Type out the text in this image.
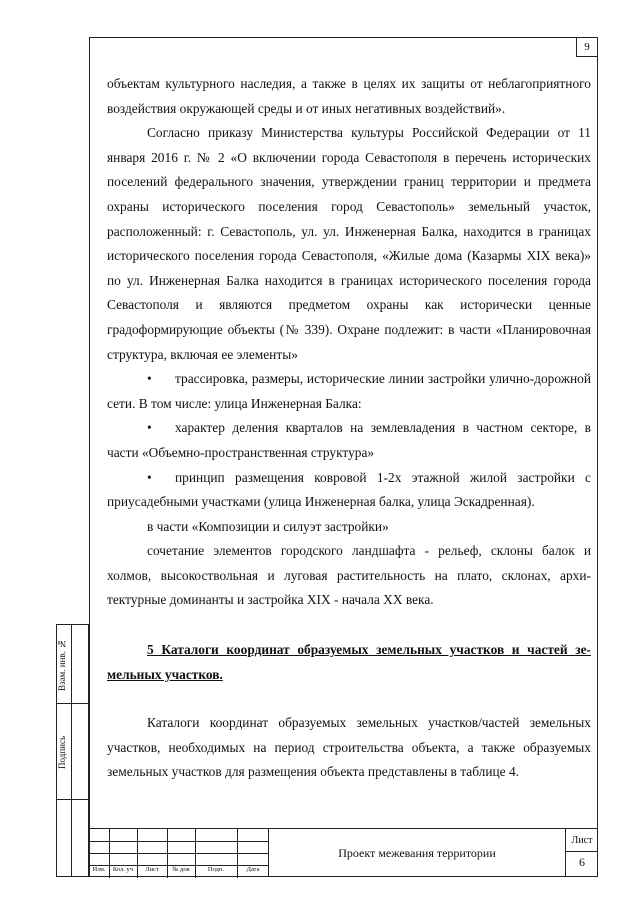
9

объектам культурного наследия, а также в целях их защиты от неблагоприятного воздействия окружающей среды и от иных негативных воздействий».

Согласно приказу Министерства культуры Российской Федерации от 11 января 2016 г. № 2 «О включении города Севастополя в перечень исторических поселений федерального значения, утверждении границ территории и предмета охраны исторического поселения город Севастополь» земельный участок, расположенный: г. Севастополь, ул. ул. Инженерная Балка, находится в границах исторического поселения города Севастополя, «Жилые дома (Казармы XIX века)» по ул. Инженерная Балка находится в границах исторического поселения города Севастополя и являются предметом охраны как исторически ценные градоформирующие объекты (№ 339). Охране подлежит: в части «Планировочная структура, включая ее элементы»

• трассировка, размеры, исторические линии застройки улично-дорожной сети. В том числе: улица Инженерная Балка:

• характер деления кварталов на землевладения в частном секторе, в части «Объемно-пространственная структура»

• принцип размещения ковровой 1-2х этажной жилой застройки с приусадебными участками (улица Инженерная балка, улица Эскадренная).

в части «Композиции и силуэт застройки»

сочетание элементов городского ландшафта - рельеф, склоны балок и холмов, высокоствольная и луговая растительность на плато, склонах, архитектурные доминанты и застройка XIX - начала XX века.

5 Каталоги координат образуемых земельных участков и частей земельных участков.

Каталоги координат образуемых земельных участков/частей земельных участков, необходимых на период строительства объекта, а также образуемых земельных участков для размещения объекта представлены в таблице 4.

Взам. инв. №
Подпись
Изм.	Кол. уч	Лист	№ док	Подп.	Дата
Проект межевания территории
Лист
6
